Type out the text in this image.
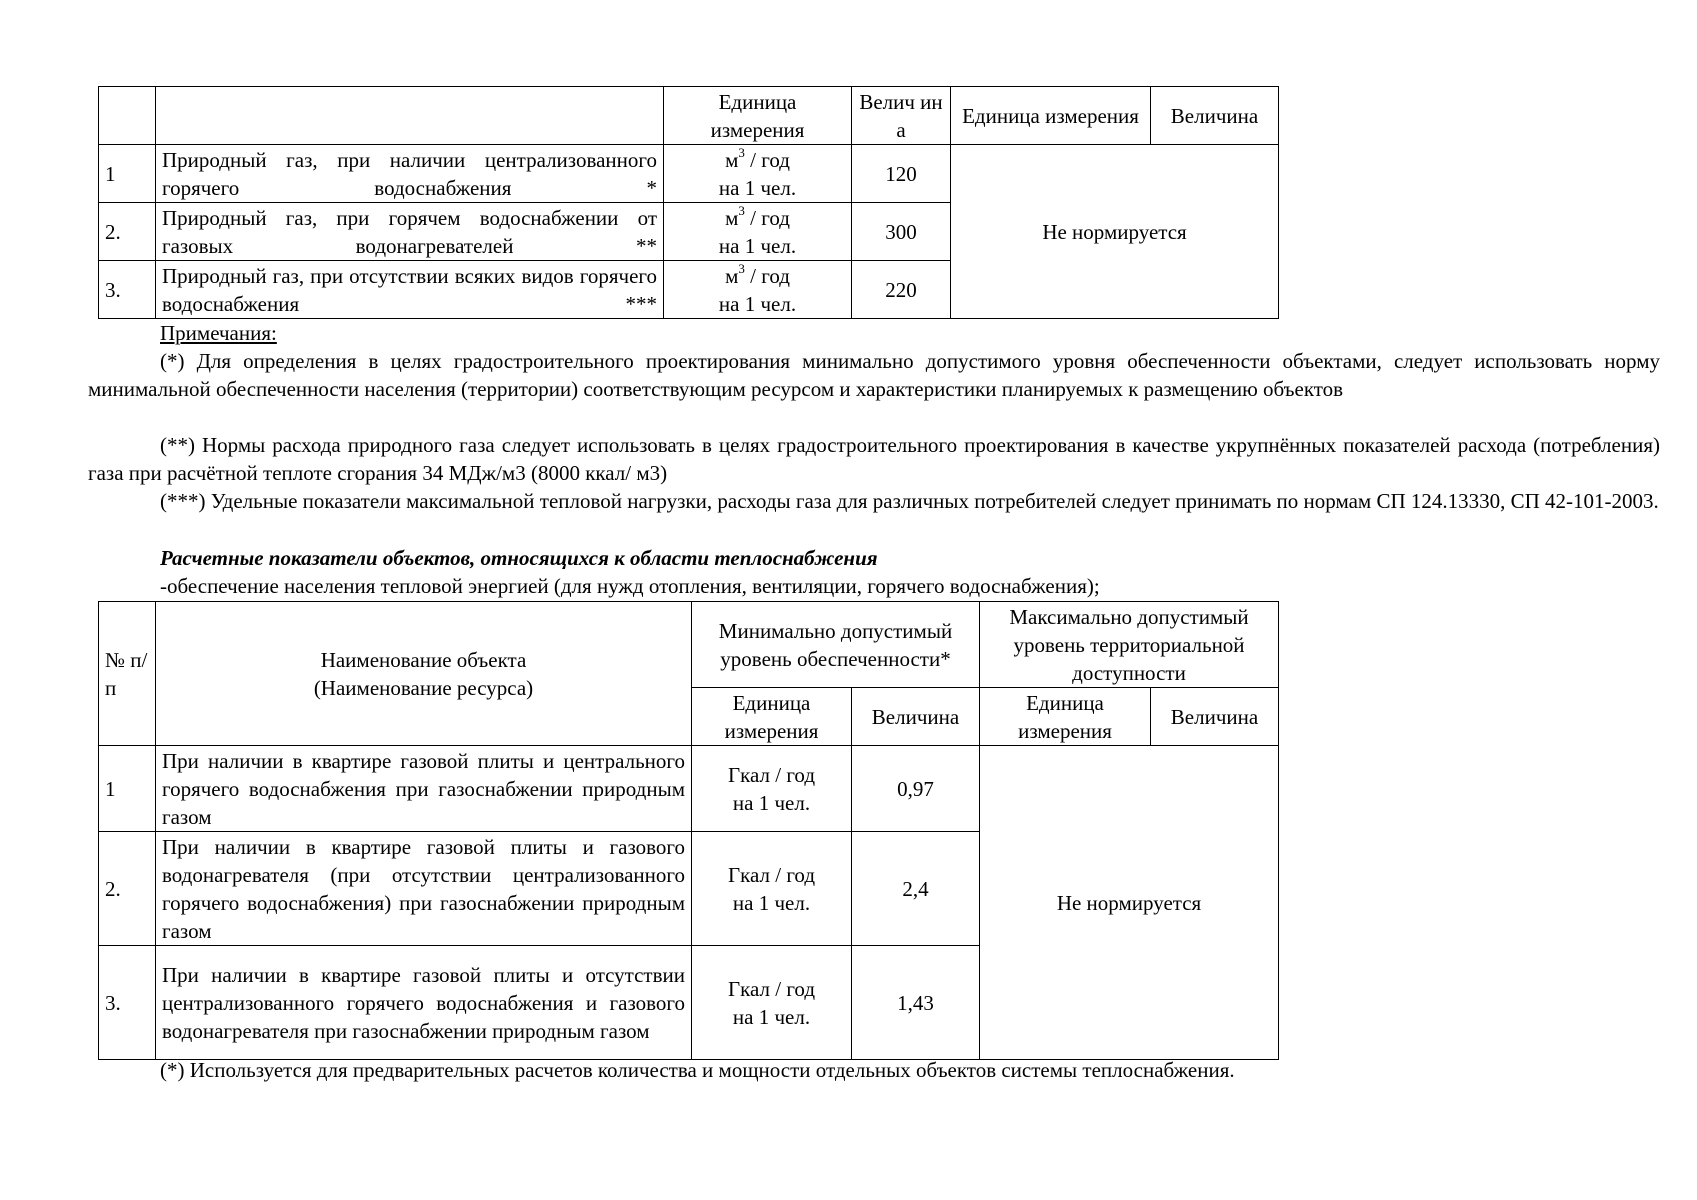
		Единица измерения	Велич ина	Единица измерения	Величина
1	Природный газ, при наличии централизованного горячего водоснабжения *	$м^3$ / год
на 1 чел.	120	Не нормируется	
2.	Природный газ, при горячем водоснабжении от газовых водонагревателей **	$м^3$ / год
на 1 чел.	300		
3.	Природный газ, при отсутствии всяких видов горячего водоснабжения ***	$м^3$ / год
на 1 чел.	220		
Примечания:
(*) Для определения в целях градостроительного проектирования минимально допустимого уровня обеспеченности объектами, следует использовать норму минимальной обеспеченности населения (территории) соответствующим ресурсом и характеристики планируемых к размещению объектов
(**) Нормы расхода природного газа следует использовать в целях градостроительного проектирования в качестве укрупнённых показателей расхода (потребления) газа при расчётной теплоте сгорания 34 МДж/м3 (8000 ккал/ м3)
(***) Удельные показатели максимальной тепловой нагрузки, расходы газа для различных потребителей следует принимать по нормам СП 124.13330, СП 42-101-2003.
Расчетные показатели объектов, относящихся к области теплоснабжения
-обеспечение населения тепловой энергией (для нужд отопления, вентиляции, горячего водоснабжения);
№ п/п	Наименование объекта
(Наименование ресурса)	Минимально допустимый уровень обеспеченности*		Максимально допустимый уровень территориальной доступности	
		Единица измерения	Величина	Единица измерения	Величина
1	При наличии в квартире газовой плиты и центрального горячего водоснабжения при газоснабжении природным газом	Гкал / год
на 1 чел.	0,97	Не нормируется	
2.	При наличии в квартире газовой плиты и газового водонагревателя (при отсутствии централизованного горячего водоснабжения) при газоснабжении природным газом	Гкал / год
на 1 чел.	2,4		
3.	При наличии в квартире газовой плиты и отсутствии централизованного горячего водоснабжения и газового водонагревателя при газоснабжении природным газом	Гкал / год
на 1 чел.	1,43		
(*) Используется для предварительных расчетов количества и мощности отдельных объектов системы теплоснабжения.
